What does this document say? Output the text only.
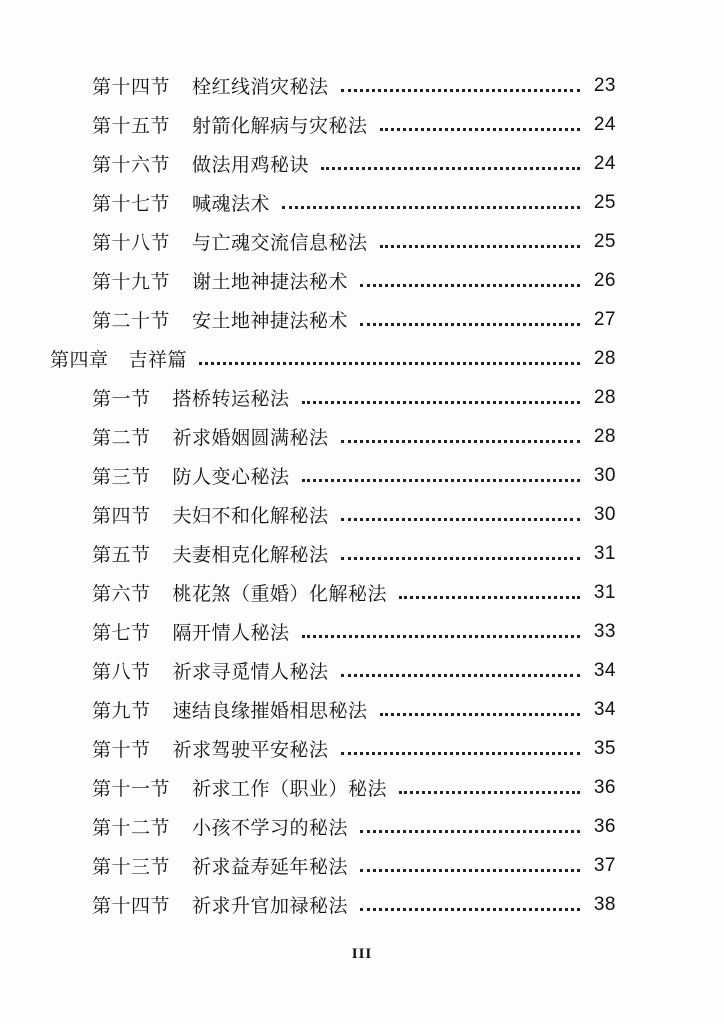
第十四节 栓红线消灾秘法	23
第十五节 射箭化解病与灾秘法	24
第十六节 做法用鸡秘诀	24
第十七节 喊魂法术	25
第十八节 与亡魂交流信息秘法	25
第十九节 谢土地神捷法秘术	26
第二十节 安土地神捷法秘术	27
第四章 吉祥篇	28
第一节 搭桥转运秘法	28
第二节 祈求婚姻圆满秘法	28
第三节 防人变心秘法	30
第四节 夫妇不和化解秘法	30
第五节 夫妻相克化解秘法	31
第六节 桃花煞（重婚）化解秘法	31
第七节 隔开情人秘法	33
第八节 祈求寻觅情人秘法	34
第九节 速结良缘摧婚相思秘法	34
第十节 祈求驾驶平安秘法	35
第十一节 祈求工作（职业）秘法	36
第十二节 小孩不学习的秘法	36
第十三节 祈求益寿延年秘法	37
第十四节 祈求升官加禄秘法	38
III
